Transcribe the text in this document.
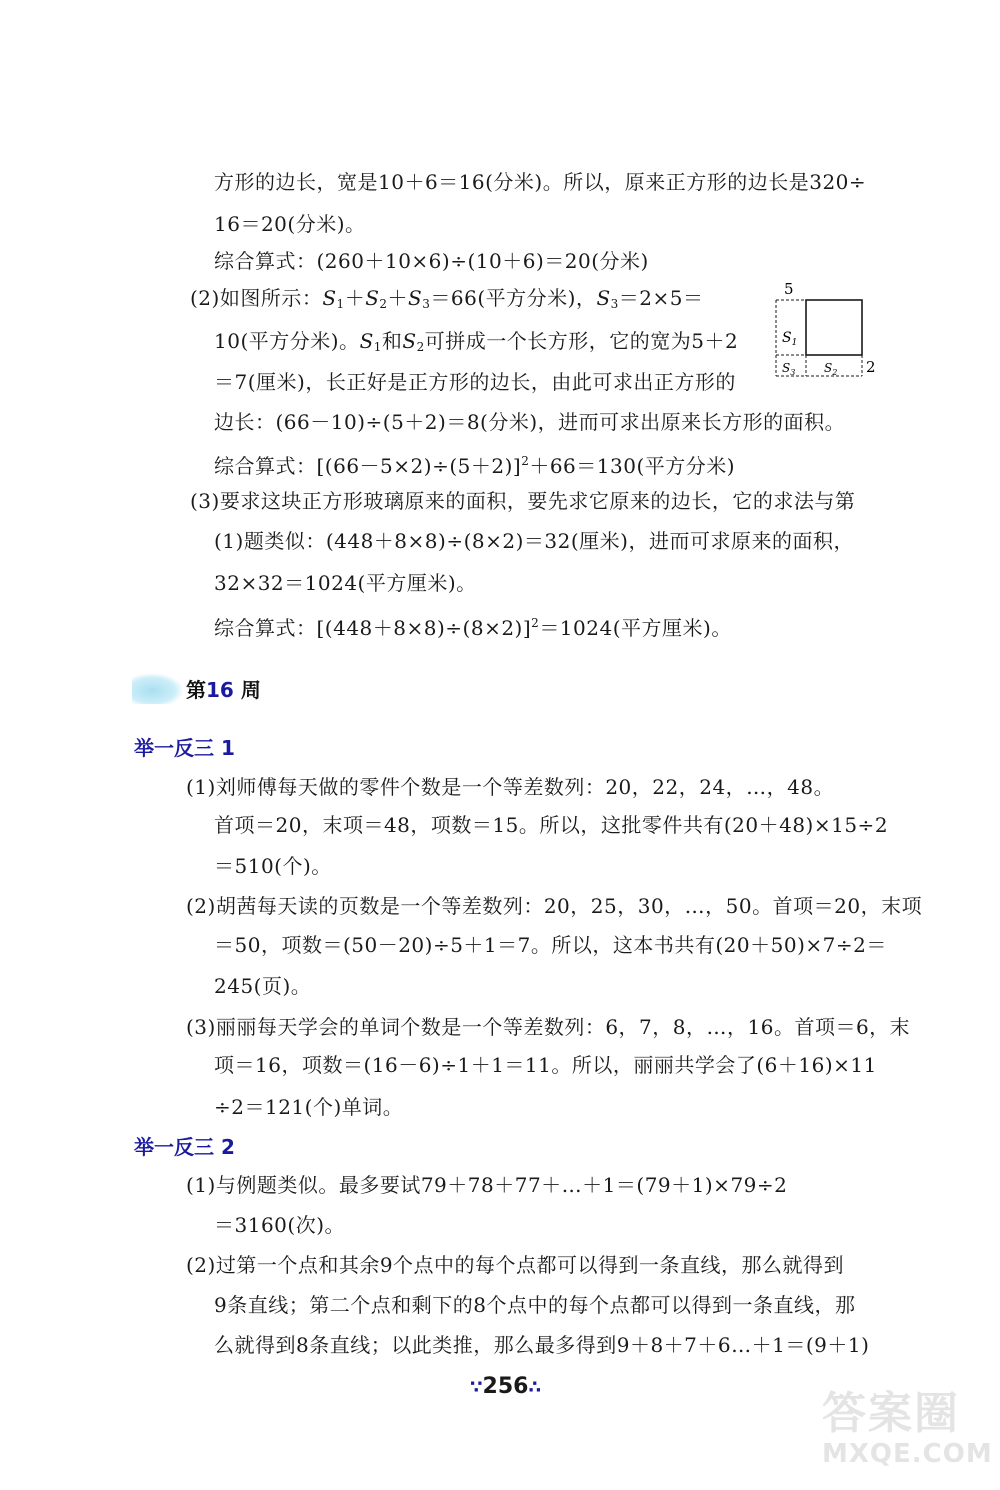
方形的边长，宽是10＋6＝16(分米)。所以，原来正方形的边长是320÷
16＝20(分米)。
综合算式：(260＋10×6)÷(10＋6)＝20(分米)
(2)如图所示：$S_1+S_2+S_3=66$(平方分米)，$S_3=2\times 5=$
10(平方分米)。$S_1$和$S_2$可拼成一个长方形，它的宽为5＋2
＝7(厘米)，长正好是正方形的边长，由此可求出正方形的
边长：(66－10)÷(5＋2)＝8(分米)，进而可求出原来长方形的面积。
综合算式：$[(66-5\times 2)\div(5+2)]^2+66=130$(平方分米)
5
2
$S_1$
$S_3$ $S_2$
(3)要求这块正方形玻璃原来的面积，要先求它原来的边长，它的求法与第
(1)题类似：(448＋8×8)÷(8×2)＝32(厘米)，进而可求原来的面积，
32×32＝1024(平方厘米)。
综合算式：$[(448+8\times 8)\div(8\times 2)]^2=1024$(平方厘米)。
第16 周
举一反三 1
(1)刘师傅每天做的零件个数是一个等差数列：20，22，24，…，48。
首项＝20，末项＝48，项数＝15。所以，这批零件共有(20＋48)×15÷2
＝510(个)。
(2)胡茜每天读的页数是一个等差数列：20，25，30，…，50。首项＝20，末项
＝50，项数＝(50－20)÷5＋1＝7。所以，这本书共有(20＋50)×7÷2＝
245(页)。
(3)丽丽每天学会的单词个数是一个等差数列：6，7，8，…，16。首项＝6，末
项＝16，项数＝(16－6)÷1＋1＝11。所以，丽丽共学会了(6＋16)×11
÷2＝121(个)单词。
举一反三 2
(1)与例题类似。最多要试79＋78＋77＋…＋1＝(79＋1)×79÷2
＝3160(次)。
(2)过第一个点和其余9个点中的每个点都可以得到一条直线，那么就得到
9条直线；第二个点和剩下的8个点中的每个点都可以得到一条直线，那
么就得到8条直线；以此类推，那么最多得到9＋8＋7＋6…＋1＝(9＋1)
∵256∴
答案圈
MXQE.COM
